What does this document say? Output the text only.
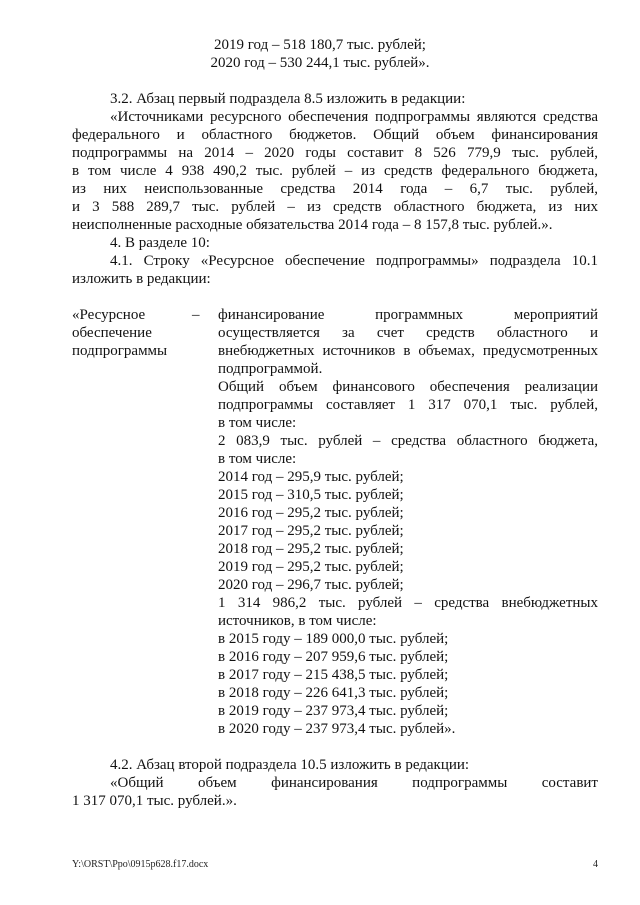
2019 год – 518 180,7 тыс. рублей;
2020 год – 530 244,1 тыс. рублей».
3.2. Абзац первый подраздела 8.5 изложить в редакции:
«Источниками ресурсного обеспечения подпрограммы являются средства
федерального и областного бюджетов. Общий объем финансирования
подпрограммы на 2014 – 2020 годы составит 8 526 779,9 тыс. рублей,
в том числе 4 938 490,2 тыс. рублей – из средств федерального бюджета,
из них неиспользованные средства 2014 года – 6,7 тыс. рублей,
и 3 588 289,7 тыс. рублей – из средств областного бюджета, из них
неисполненные расходные обязательства 2014 года – 8 157,8 тыс. рублей.».
4. В разделе 10:
4.1. Строку «Ресурсное обеспечение подпрограммы» подраздела 10.1
изложить в редакции:
«Ресурсное	–
обеспечение
подпрограммы
финансирование программных мероприятий
осуществляется за счет средств областного и
внебюджетных источников в объемах, предусмотренных
подпрограммой.
Общий объем финансового обеспечения реализации
подпрограммы составляет 1 317 070,1 тыс. рублей,
в том числе:
2 083,9 тыс. рублей – средства областного бюджета,
в том числе:
2014 год – 295,9 тыс. рублей;
2015 год – 310,5 тыс. рублей;
2016 год – 295,2 тыс. рублей;
2017 год – 295,2 тыс. рублей;
2018 год – 295,2 тыс. рублей;
2019 год – 295,2 тыс. рублей;
2020 год – 296,7 тыс. рублей;
1 314 986,2 тыс. рублей – средства внебюджетных
источников, в том числе:
в 2015 году – 189 000,0 тыс. рублей;
в 2016 году – 207 959,6 тыс. рублей;
в 2017 году – 215 438,5 тыс. рублей;
в 2018 году – 226 641,3 тыс. рублей;
в 2019 году – 237 973,4 тыс. рублей;
в 2020 году – 237 973,4 тыс. рублей».
4.2. Абзац второй подраздела 10.5 изложить в редакции:
«Общий объем финансирования подпрограммы составит
1 317 070,1 тыс. рублей.».
Y:\ORST\Ppo\0915p628.f17.docx	4
